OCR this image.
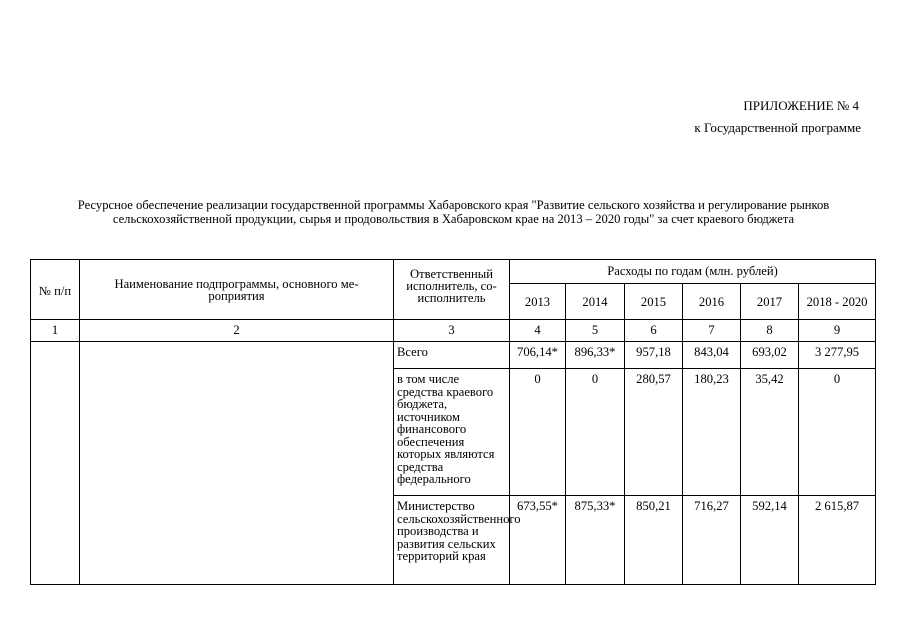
ПРИЛОЖЕНИЕ № 4
к Государственной программе
Ресурсное обеспечение реализации государственной программы Хабаровского края "Развитие сельского хозяйства и регулирование рынков сельскохозяйственной продукции, сырья и продовольствия в Хабаровском крае на 2013 – 2020 годы" за счет краевого бюджета
№ п/п	Наименование подпрограммы, основного ме-роприятия	Ответственный исполнитель, со-исполнитель	Расходы по годам (млн. рублей)					
			2013	2014	2015	2016	2017	2018 - 2020
1	2	3	4	5	6	7	8	9
		Всего	706,14*	896,33*	957,18	843,04	693,02	3 277,95
		в том числе средства краевого бюджета, источником финансового обеспечения которых являются средства федерального	0	0	280,57	180,23	35,42	0
		Министерство сельскохозяйственного производства и развития сельских территорий края	673,55*	875,33*	850,21	716,27	592,14	2 615,87
